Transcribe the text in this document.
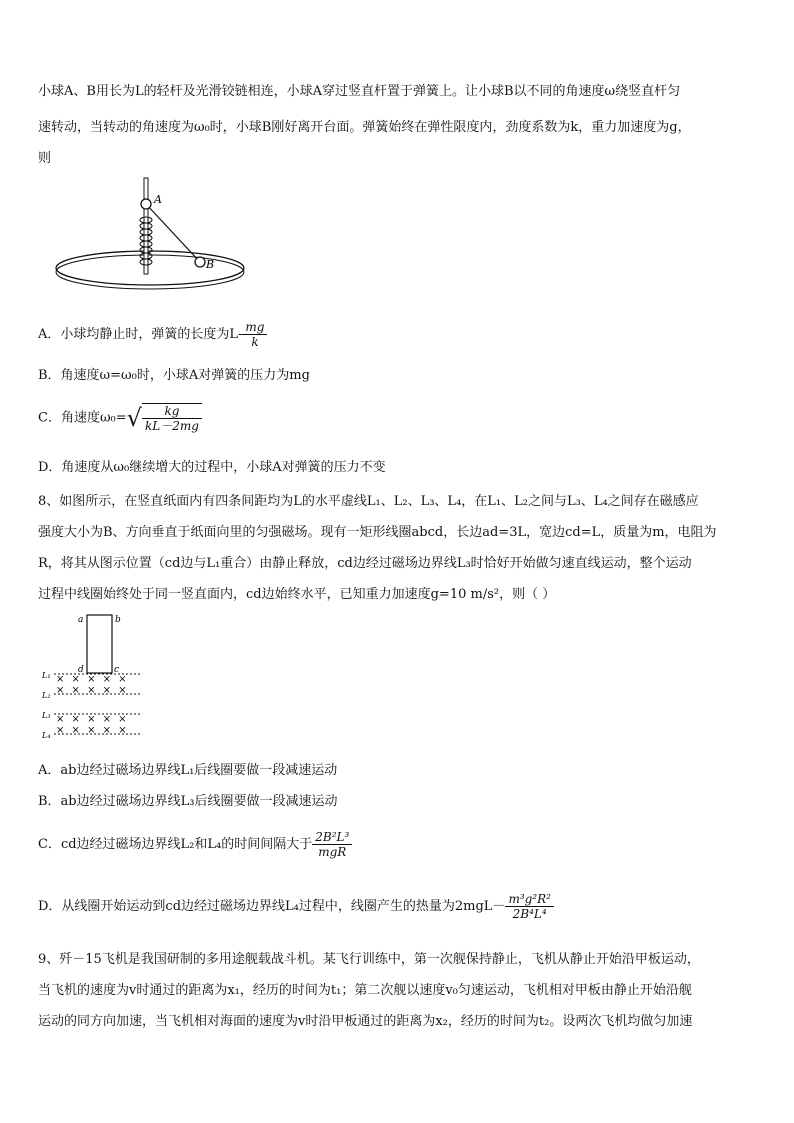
小球A、B用长为L的轻杆及光滑铰链相连，小球A穿过竖直杆置于弹簧上。让小球B以不同的角速度ω绕竖直杆匀
速转动，当转动的角速度为ω₀时，小球B刚好离开台面。弹簧始终在弹性限度内，劲度系数为k，重力加速度为g，
则
A
B
A．小球均静止时，弹簧的长度为$L- \frac{mg}{k}$
B．角速度ω=ω₀时，小球A对弹簧的压力为mg
C．角速度$\omega_0=√ \frac{kg}{kL-2mg}$
D．角速度从ω₀继续增大的过程中，小球A对弹簧的压力不变
8、如图所示，在竖直纸面内有四条间距均为L的水平虚线L₁、L₂、L₃、L₄，在L₁、L₂之间与L₃、L₄之间存在磁感应
强度大小为B、方向垂直于纸面向里的匀强磁场。现有一矩形线圈abcd，长边ad=3L，宽边cd=L，质量为m，电阻为
R，将其从图示位置（cd边与L₁重合）由静止释放，cd边经过磁场边界线L₃时恰好开始做匀速直线运动，整个运动
过程中线圈始终处于同一竖直面内，cd边始终水平，已知重力加速度g=10 m/s²，则（ ）
a	b
d	c
L₁
L₂
L₃
L₄
× × × × ×
× × × × ×
× × × × ×
× × × × ×
A．ab边经过磁场边界线L₁后线圈要做一段减速运动
B．ab边经过磁场边界线L₃后线圈要做一段减速运动
C．cd边经过磁场边界线L₂和L₄的时间间隔大于 $\frac{\text{2B²L³}}{\text{mgR}}$
D．从线圈开始运动到cd边经过磁场边界线L₄过程中，线圈产生的热量为$2mgL- \frac{\text{m³g²R²}}{\text{2B⁴L⁴}}$
9、歼－15飞机是我国研制的多用途舰载战斗机。某飞行训练中，第一次舰保持静止，飞机从静止开始沿甲板运动，
当飞机的速度为v时通过的距离为x₁，经历的时间为t₁；第二次舰以速度v₀匀速运动，飞机相对甲板由静止开始沿舰
运动的同方向加速，当飞机相对海面的速度为v时沿甲板通过的距离为x₂，经历的时间为t₂。设两次飞机均做匀加速
